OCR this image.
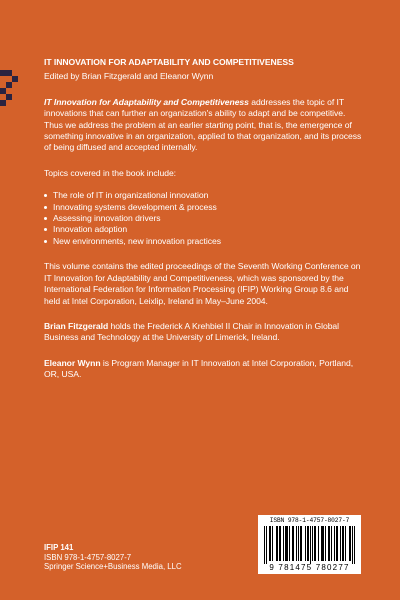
IT INNOVATION FOR ADAPTABILITY AND COMPETITIVENESS

Edited by Brian Fitzgerald and Eleanor Wynn

IT Innovation for Adaptability and Competitiveness addresses the topic of IT innovations that can further an organization's ability to adapt and be competitive. Thus we address the problem at an earlier starting point, that is, the emergence of something innovative in an organization, applied to that organization, and its process of being diffused and accepted internally.

Topics covered in the book include:

The role of IT in organizational innovation
Innovating systems development & process
Assessing innovation drivers
Innovation adoption
New environments, new innovation practices

This volume contains the edited proceedings of the Seventh Working Conference on IT Innovation for Adaptability and Competitiveness, which was sponsored by the International Federation for Information Processing (IFIP) Working Group 8.6 and held at Intel Corporation, Leixlip, Ireland in May–June 2004.

Brian Fitzgerald holds the Frederick A Krehbiel II Chair in Innovation in Global Business and Technology at the University of Limerick, Ireland.

Eleanor Wynn is Program Manager in IT Innovation at Intel Corporation, Portland, OR, USA.

IFIP 141
ISBN 978-1-4757-8027-7
Springer Science+Business Media, LLC
ISBN 978-1-4757-8027-7
9 781475 780277
